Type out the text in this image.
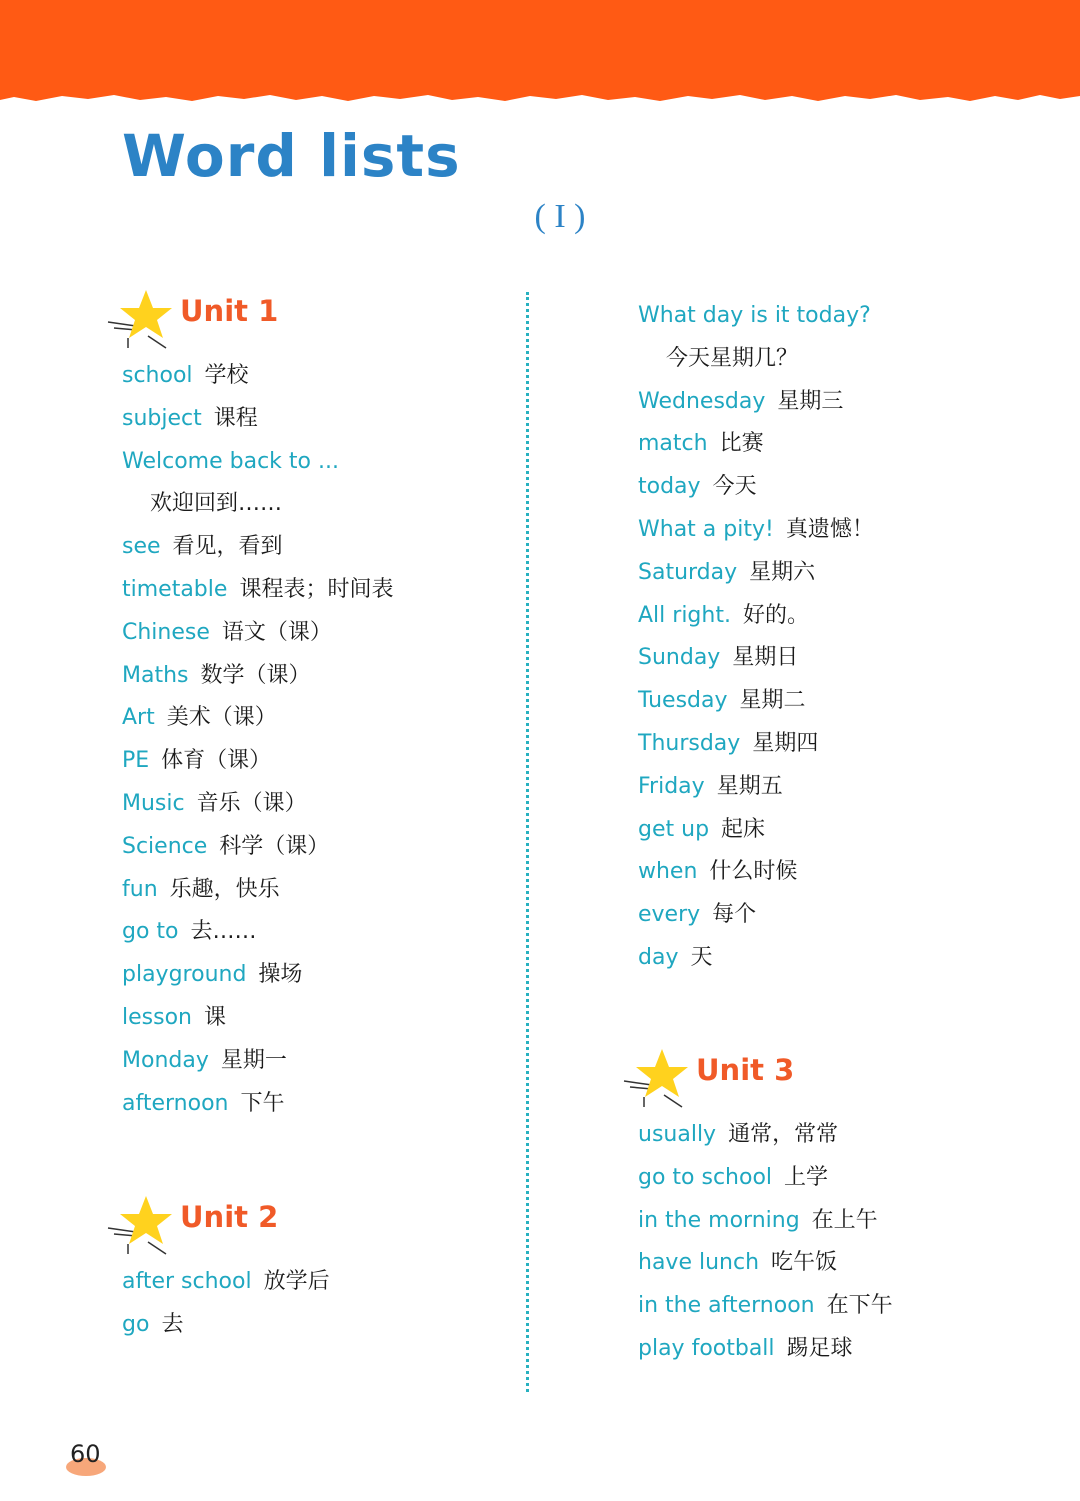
Word lists
( I )
Unit 1
school 学校
subject 课程
Welcome back to ...
欢迎回到……
see 看见，看到
timetable 课程表；时间表
Chinese 语文（课）
Maths 数学（课）
Art 美术（课）
PE 体育（课）
Music 音乐（课）
Science 科学（课）
fun 乐趣，快乐
go to 去……
playground 操场
lesson 课
Monday 星期一
afternoon 下午
Unit 2
after school 放学后
go 去
What day is it today?
今天星期几？
Wednesday 星期三
match 比赛
today 今天
What a pity! 真遗憾！
Saturday 星期六
All right. 好的。
Sunday 星期日
Tuesday 星期二
Thursday 星期四
Friday 星期五
get up 起床
when 什么时候
every 每个
day 天
Unit 3
usually 通常，常常
go to school 上学
in the morning 在上午
have lunch 吃午饭
in the afternoon 在下午
play football 踢足球
60
